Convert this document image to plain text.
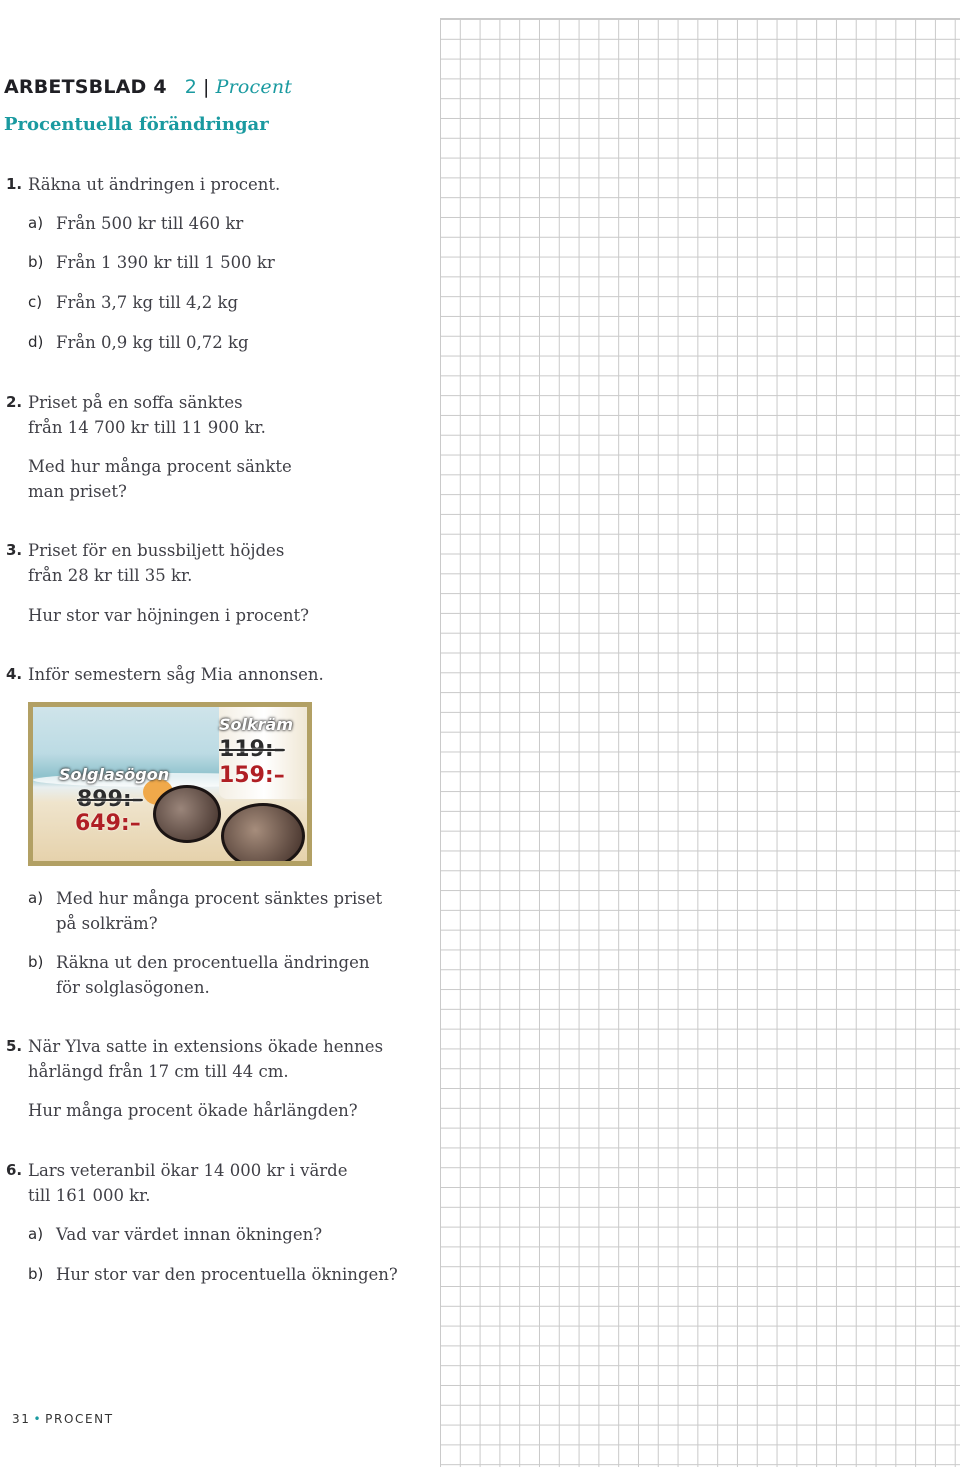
ARBETSBLAD 4 2 | Procent
Procentuella förändringar
1. Räkna ut ändringen i procent.
a) Från 500 kr till 460 kr
b) Från 1 390 kr till 1 500 kr
c) Från 3,7 kg till 4,2 kg
d) Från 0,9 kg till 0,72 kg
2. Priset på en soffa sänktes
från 14 700 kr till 11 900 kr.
Med hur många procent sänkte
man priset?
3. Priset för en bussbiljett höjdes
från 28 kr till 35 kr.
Hur stor var höjningen i procent?
4. Inför semestern såg Mia annonsen.
Solkräm
119:–
159:–
Solglasögon
899:–
649:–
a) Med hur många procent sänktes priset
på solkräm?
b) Räkna ut den procentuella ändringen
för solglasögonen.
5. När Ylva satte in extensions ökade hennes
hårlängd från 17 cm till 44 cm.
Hur många procent ökade hårlängden?
6. Lars veteranbil ökar 14 000 kr i värde
till 161 000 kr.
a) Vad var värdet innan ökningen?
b) Hur stor var den procentuella ökningen?
31 • PROCENT
